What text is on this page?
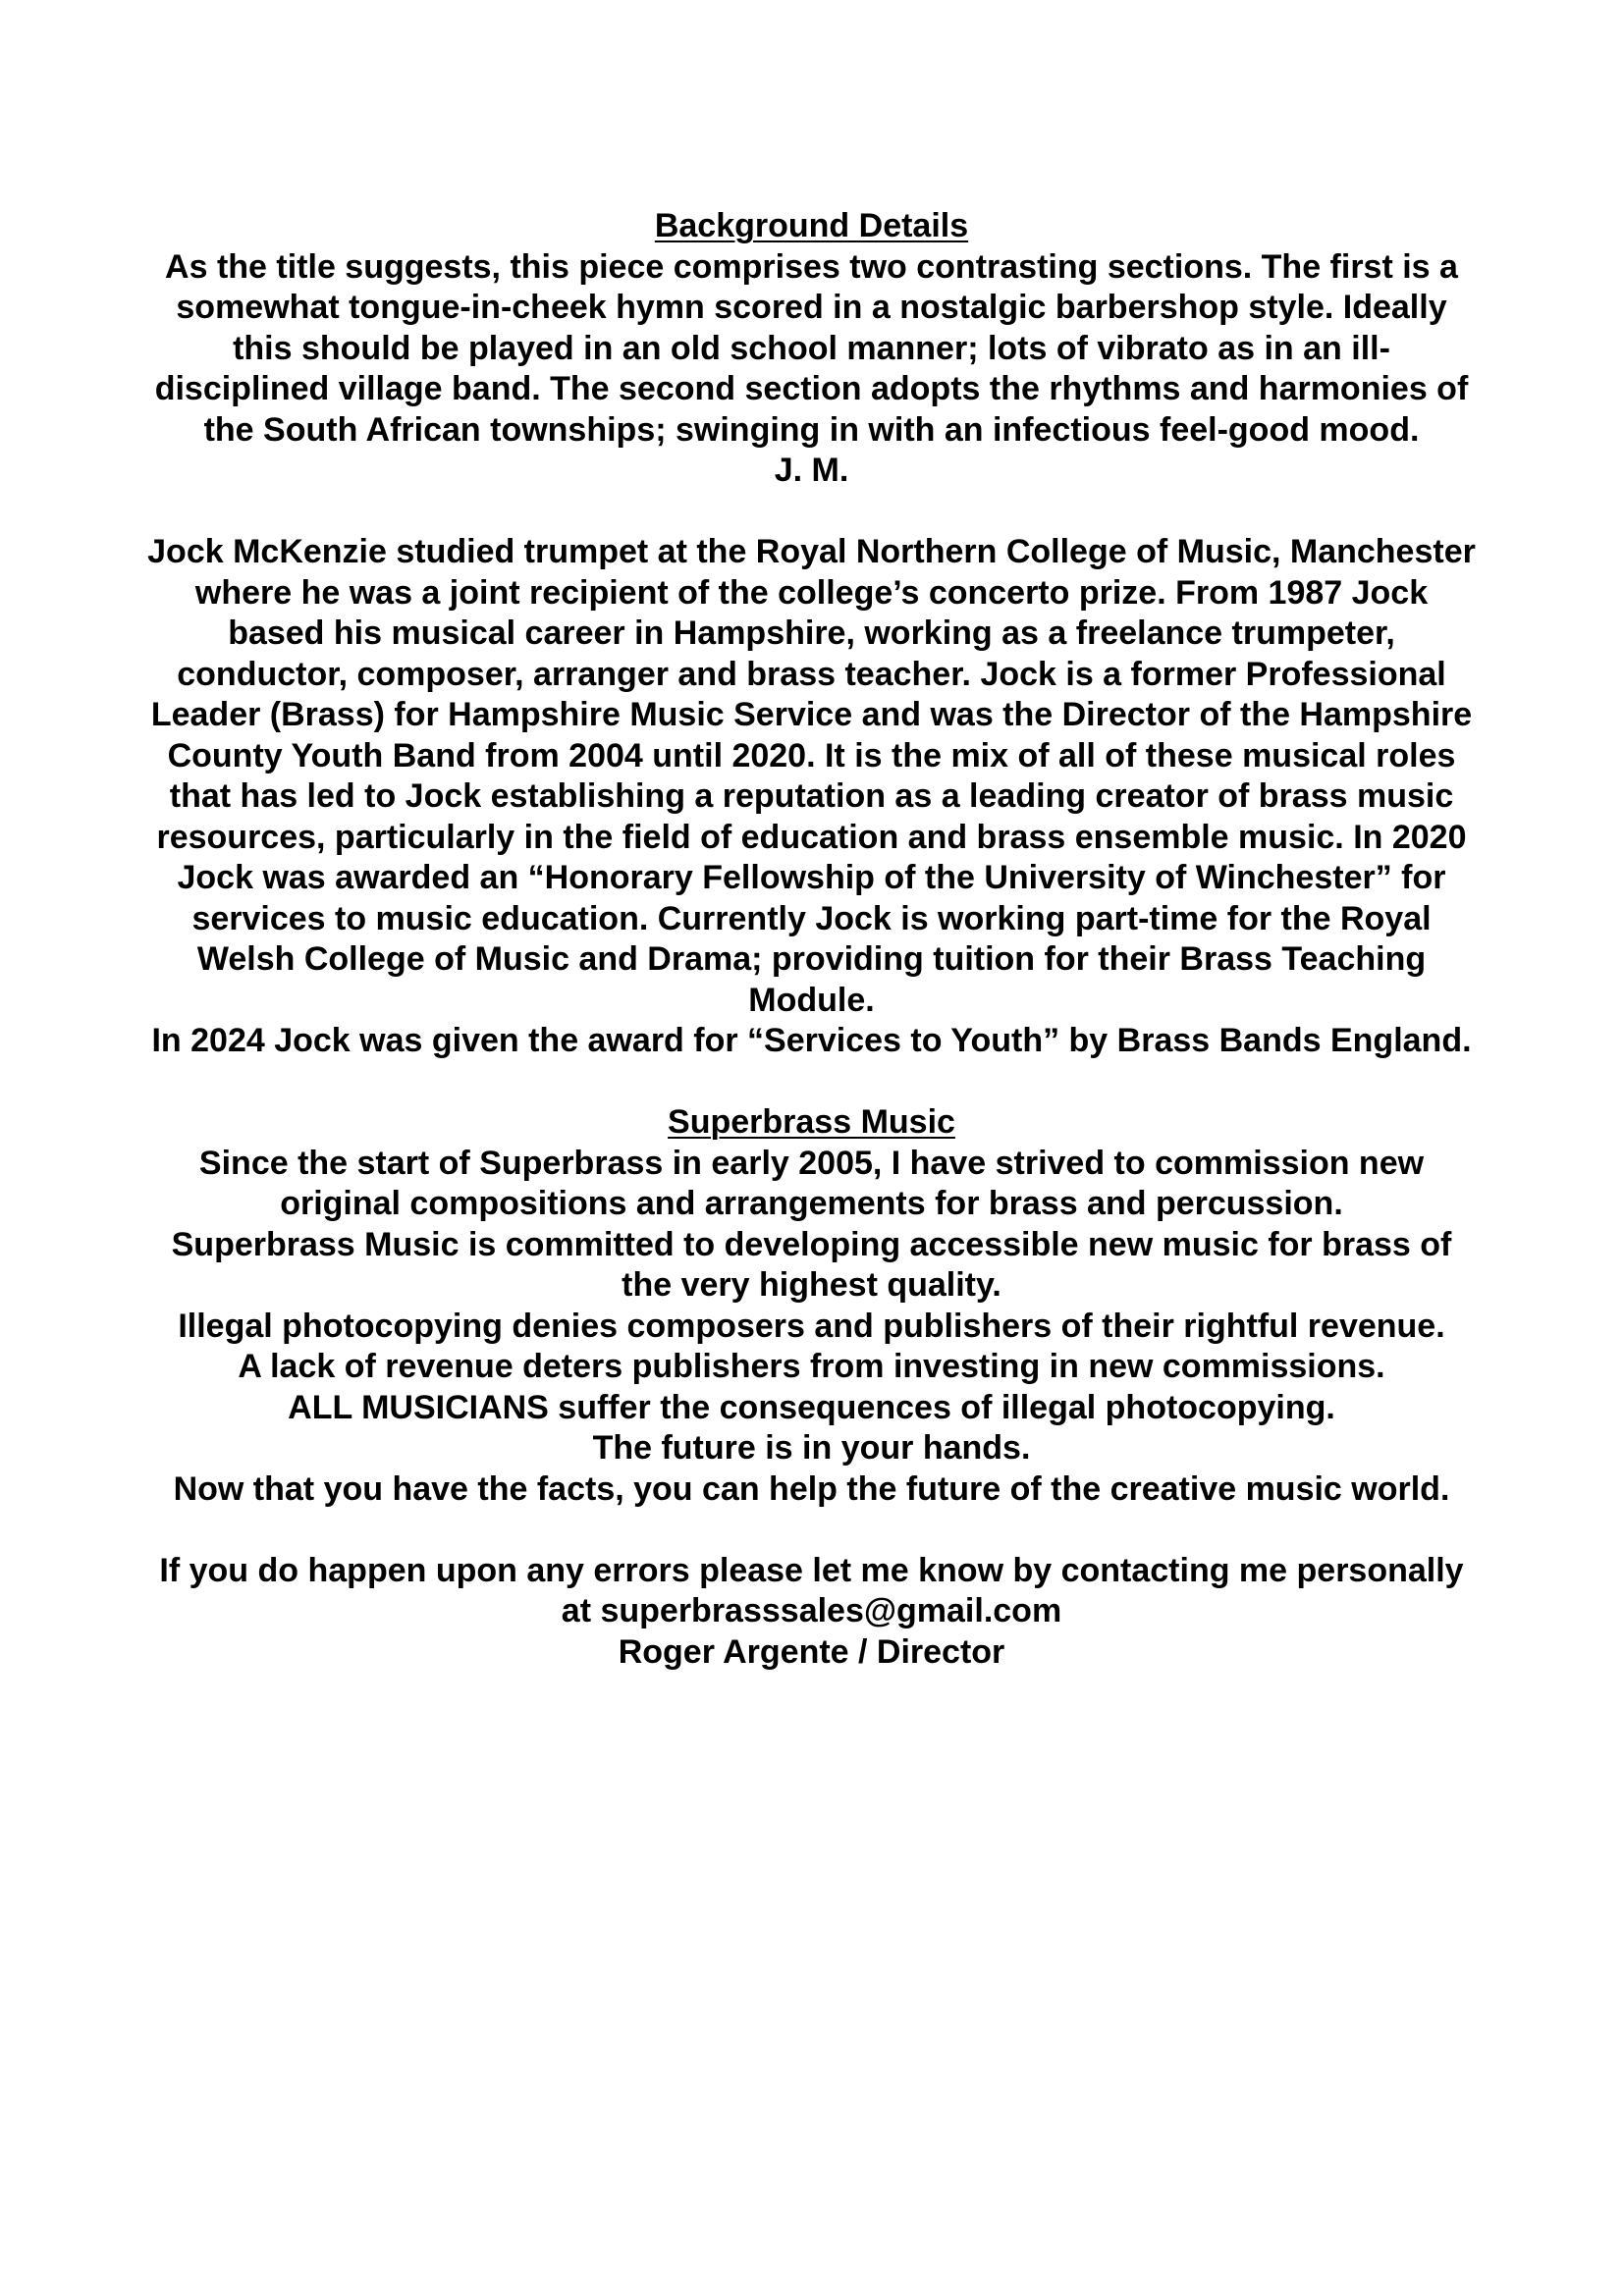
Background Details

As the title suggests, this piece comprises two contrasting sections. The first is a somewhat tongue-in-cheek hymn scored in a nostalgic barbershop style. Ideally this should be played in an old school manner; lots of vibrato as in an ill-disciplined village band. The second section adopts the rhythms and harmonies of the South African townships; swinging in with an infectious feel-good mood.

J. M.

Jock McKenzie studied trumpet at the Royal Northern College of Music, Manchester where he was a joint recipient of the college’s concerto prize. From 1987 Jock based his musical career in Hampshire, working as a freelance trumpeter, conductor, composer, arranger and brass teacher. Jock is a former Professional Leader (Brass) for Hampshire Music Service and was the Director of the Hampshire County Youth Band from 2004 until 2020. It is the mix of all of these musical roles that has led to Jock establishing a reputation as a leading creator of brass music resources, particularly in the field of education and brass ensemble music. In 2020 Jock was awarded an “Honorary Fellowship of the University of Winchester” for services to music education. Currently Jock is working part-time for the Royal Welsh College of Music and Drama; providing tuition for their Brass Teaching Module.

In 2024 Jock was given the award for “Services to Youth” by Brass Bands England.

Superbrass Music

Since the start of Superbrass in early 2005, I have strived to commission new original compositions and arrangements for brass and percussion.

Superbrass Music is committed to developing accessible new music for brass of the very highest quality.

Illegal photocopying denies composers and publishers of their rightful revenue.

A lack of revenue deters publishers from investing in new commissions.

ALL MUSICIANS suffer the consequences of illegal photocopying.

The future is in your hands.

Now that you have the facts, you can help the future of the creative music world.

If you do happen upon any errors please let me know by contacting me personally at superbrasssales@gmail.com

Roger Argente / Director
